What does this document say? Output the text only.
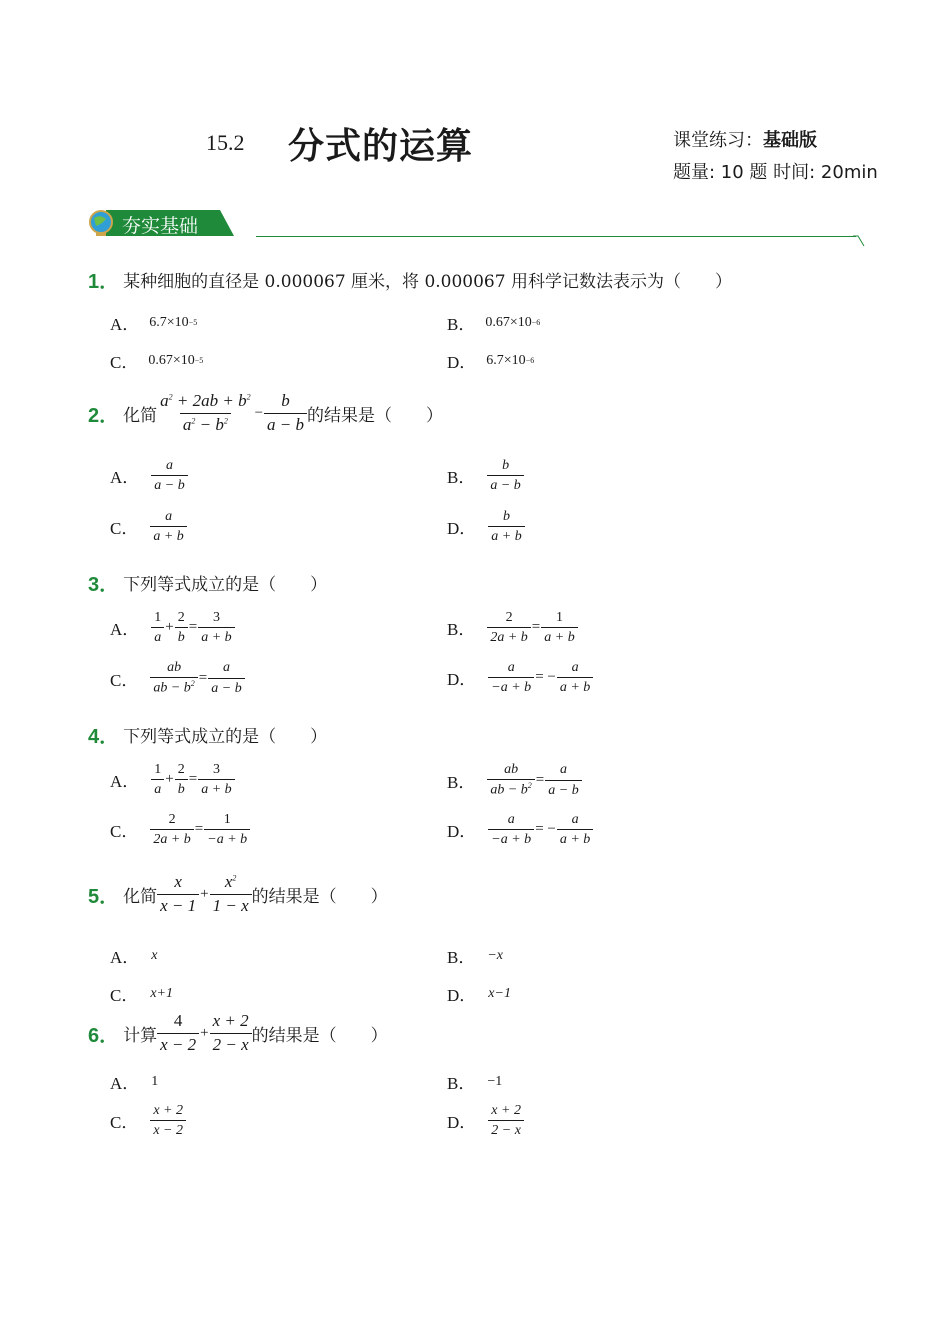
15.2 分式的运算	课堂练习：基础版
题量: 10 题 时间: 20min
夯实基础
1． 某种细胞的直径是 0.000067 厘米，将 0.000067 用科学记数法表示为（　　）
A． 6.7×10 −5	B． 0.67×10 −6
C． 0.67×10 −5	D． 6.7×10 −6
2． 化简 $\frac{a^2 + 2ab + b^2}{a^2 - b^2} - \frac{b}{a - b}$ 的结果是（　　）
A． $\frac{a}{a - b}$	B． $\frac{b}{a - b}$
C． $\frac{a}{a + b}$	D． $\frac{b}{a + b}$
3． 下列等式成立的是（　　）
A． $\frac{1}{a} + \frac{2}{b} = \frac{3}{a + b}$	B． $\frac{2}{2a + b} = \frac{1}{a + b}$
C． $\frac{ab}{ab - b^2} = \frac{a}{a - b}$	D． $\frac{a}{-a + b}$ = − $\frac{a}{a + b}$
4． 下列等式成立的是（　　）
A． $\frac{1}{a} + \frac{2}{b} = \frac{3}{a + b}$	B． $\frac{ab}{ab - b^2} = \frac{a}{a - b}$
C． $\frac{2}{2a + b} = \frac{1}{-a + b}$	D． $\frac{a}{-a + b}$ = − $\frac{a}{a + b}$
5． 化简 $\frac{x}{x - 1} + \frac{x^2}{1 - x}$ 的结果是（　　）
A． x	B． −x
C． x+1	D． x−1
6． 计算 $\frac{4}{x - 2} + \frac{x + 2}{2 - x}$ 的结果是（　　）
A． 1	B． −1
C． $\frac{x + 2}{x - 2}$	D． $\frac{x + 2}{2 - x}$
